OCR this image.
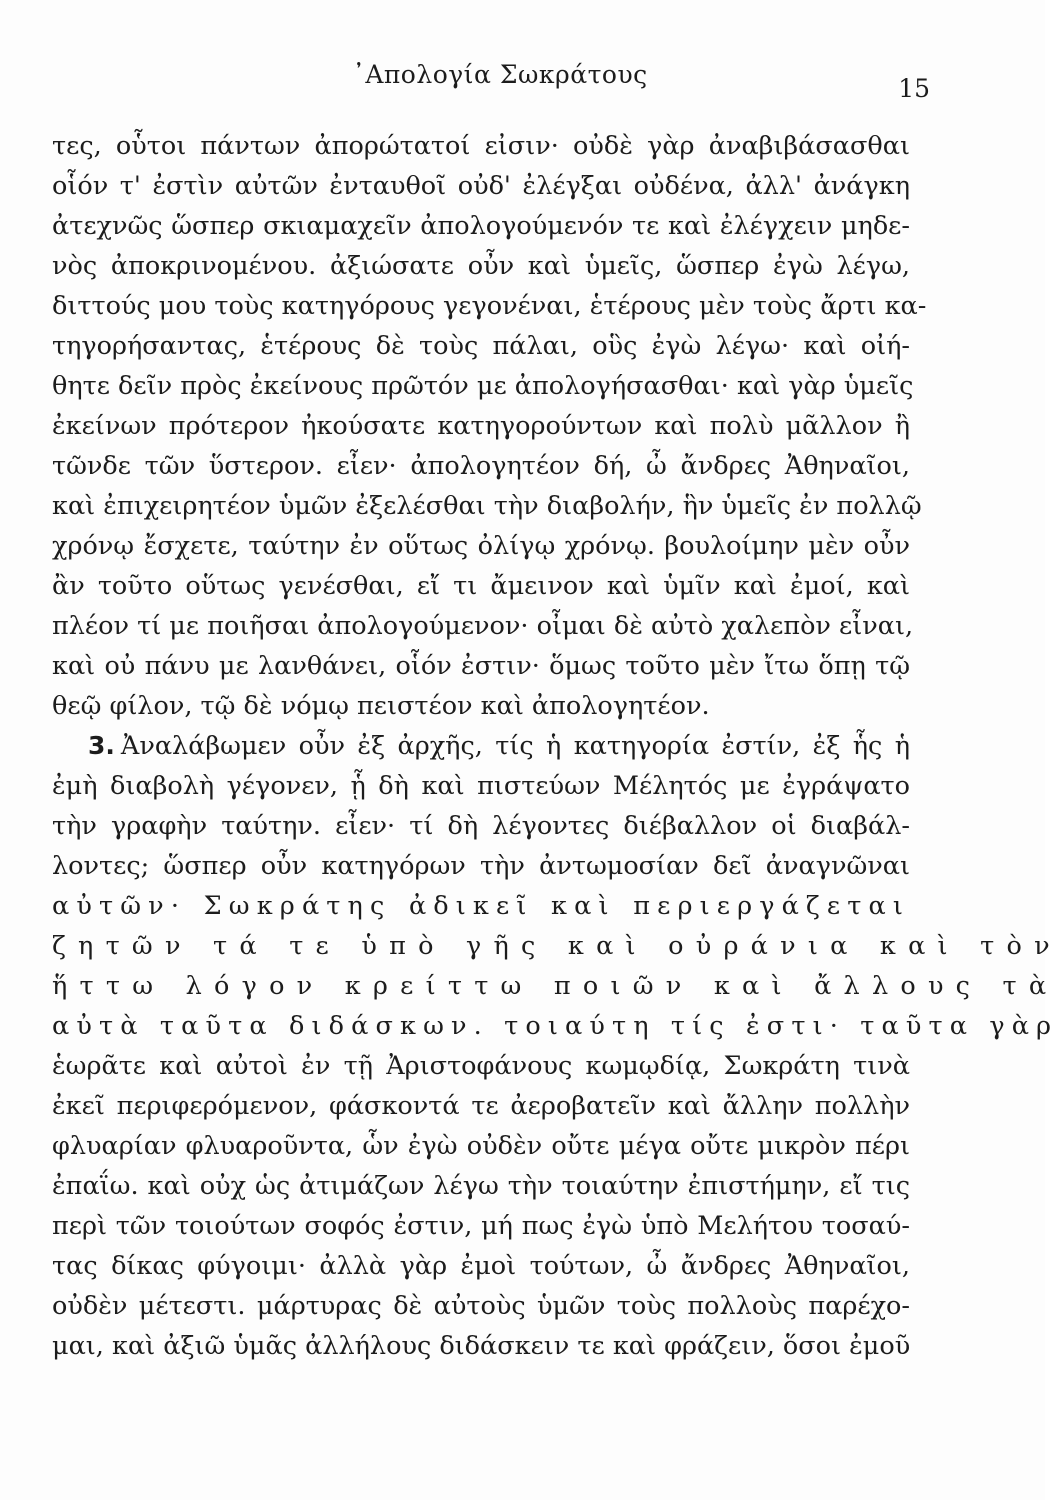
᾿Απολογία Σωκράτους	15
τες, οὗτοι πάντων ἀπορώτατοί εἰσιν· οὐδὲ γὰρ ἀναβιβάσασθαι
οἷόν τ' ἐστὶν αὐτῶν ἐνταυθοῖ οὐδ' ἐλέγξαι οὐδένα, ἀλλ' ἀνάγκη
ἀτεχνῶς ὥσπερ σκιαμαχεῖν ἀπολογούμενόν τε καὶ ἐλέγχειν μηδε-
νὸς ἀποκρινομένου. ἀξιώσατε οὖν καὶ ὑμεῖς, ὥσπερ ἐγὼ λέγω,
διττούς μου τοὺς κατηγόρους γεγονέναι, ἑτέρους μὲν τοὺς ἄρτι κα-
τηγορήσαντας, ἑτέρους δὲ τοὺς πάλαι, οὓς ἐγὼ λέγω· καὶ οἰή-
θητε δεῖν πρὸς ἐκείνους πρῶτόν με ἀπολογήσασθαι· καὶ γὰρ ὑμεῖς
ἐκείνων πρότερον ἠκούσατε κατηγορούντων καὶ πολὺ μᾶλλον ἢ
τῶνδε τῶν ὕστερον. εἶεν· ἀπολογητέον δή, ὦ ἄνδρες Ἀθηναῖοι,
καὶ ἐπιχειρητέον ὑμῶν ἐξελέσθαι τὴν διαβολήν, ἣν ὑμεῖς ἐν πολλῷ
χρόνῳ ἔσχετε, ταύτην ἐν οὕτως ὀλίγῳ χρόνῳ. βουλοίμην μὲν οὖν
ἂν τοῦτο οὕτως γενέσθαι, εἴ τι ἄμεινον καὶ ὑμῖν καὶ ἐμοί, καὶ
πλέον τί με ποιῆσαι ἀπολογούμενον· οἶμαι δὲ αὐτὸ χαλεπὸν εἶναι,
καὶ οὐ πάνυ με λανθάνει, οἷόν ἐστιν· ὅμως τοῦτο μὲν ἴτω ὅπῃ τῷ
θεῷ φίλον, τῷ δὲ νόμῳ πειστέον καὶ ἀπολογητέον.
3. Ἀναλάβωμεν οὖν ἐξ ἀρχῆς, τίς ἡ κατηγορία ἐστίν, ἐξ ἧς ἡ
ἐμὴ διαβολὴ γέγονεν, ᾗ δὴ καὶ πιστεύων Μέλητός με ἐγράψατο
τὴν γραφὴν ταύτην. εἶεν· τί δὴ λέγοντες διέβαλλον οἱ διαβάλ-
λοντες; ὥσπερ οὖν κατηγόρων τὴν ἀντωμοσίαν δεῖ ἀναγνῶναι
αὐτῶν· Σωκράτης ἀδικεῖ καὶ περιεργάζεται
ζητῶν τά τε ὑπὸ γῆς καὶ οὐράνια καὶ τὸν
ἥττω λόγον κρείττω ποιῶν καὶ ἄλλους τὰ
αὐτὰ ταῦτα διδάσκων. τοιαύτη τίς ἐστι· ταῦτα γὰρ
ἑωρᾶτε καὶ αὐτοὶ ἐν τῇ Ἀριστοφάνους κωμῳδίᾳ, Σωκράτη τινὰ
ἐκεῖ περιφερόμενον, φάσκοντά τε ἀεροβατεῖν καὶ ἄλλην πολλὴν
φλυαρίαν φλυαροῦντα, ὧν ἐγὼ οὐδὲν οὔτε μέγα οὔτε μικρὸν πέρι
ἐπαΐω. καὶ οὐχ ὡς ἀτιμάζων λέγω τὴν τοιαύτην ἐπιστήμην, εἴ τις
περὶ τῶν τοιούτων σοφός ἐστιν, μή πως ἐγὼ ὑπὸ Μελήτου τοσαύ-
τας δίκας φύγοιμι· ἀλλὰ γὰρ ἐμοὶ τούτων, ὦ ἄνδρες Ἀθηναῖοι,
οὐδὲν μέτεστι. μάρτυρας δὲ αὐτοὺς ὑμῶν τοὺς πολλοὺς παρέχο-
μαι, καὶ ἀξιῶ ὑμᾶς ἀλλήλους διδάσκειν τε καὶ φράζειν, ὅσοι ἐμοῦ
